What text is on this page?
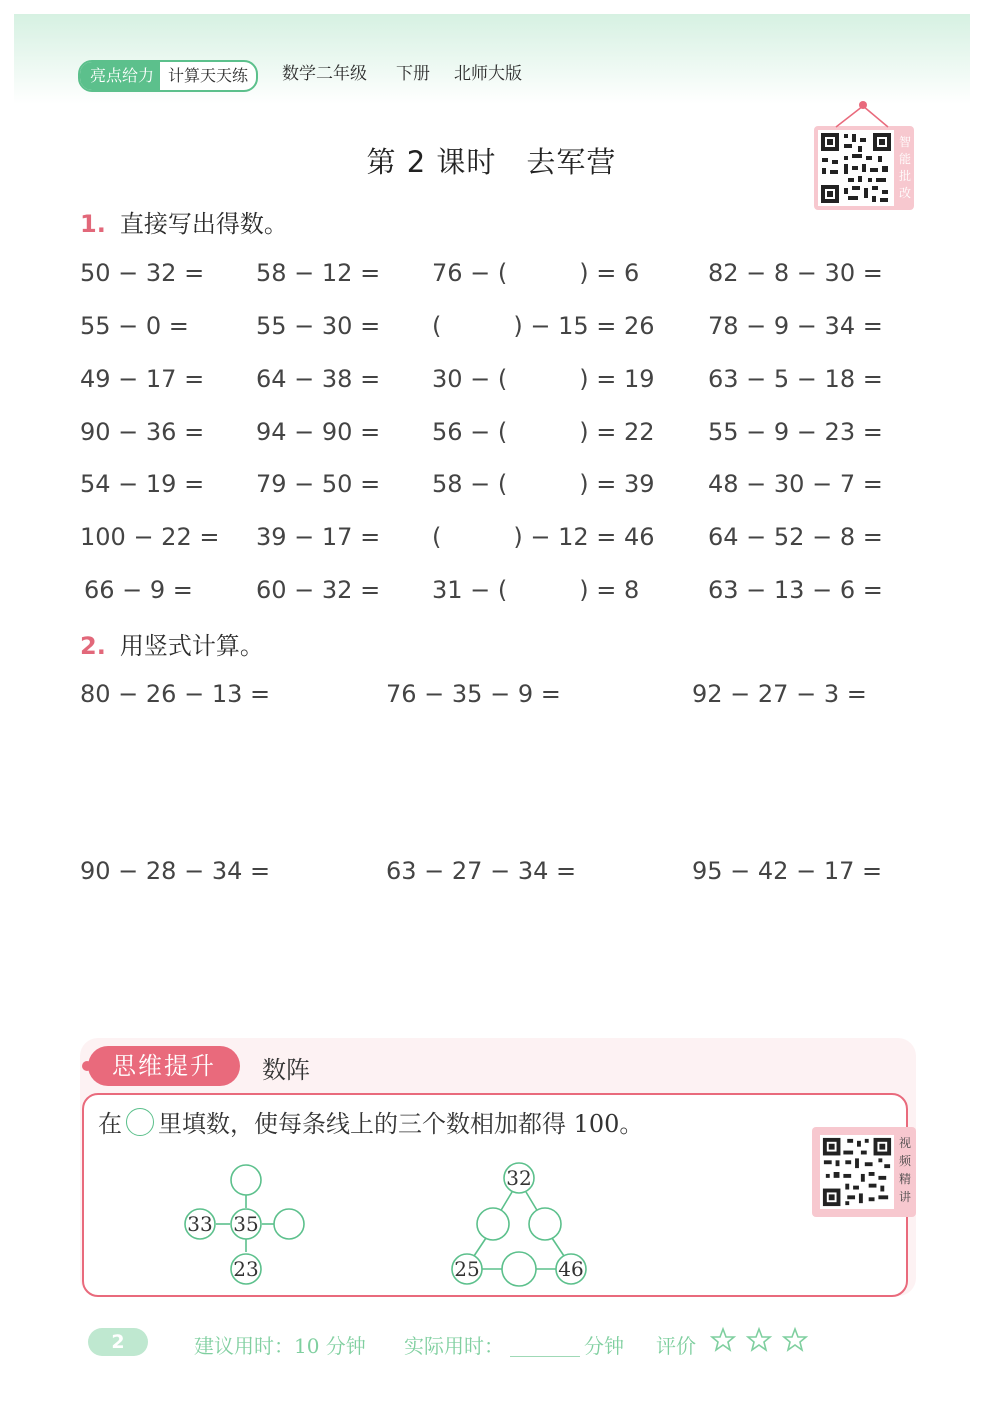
亮点给力 计算天天练	数学二年级 下册 北师大版
第 2 课时　去军营
智
能
批
改
1. 直接写出得数。
50 − 32 = 58 − 12 = 76 − (　　　) = 6	82 − 8 − 30 =
55 − 0 =	55 − 30 = (　　　) − 15 = 26 78 − 9 − 34 =
49 − 17 = 64 − 38 = 30 − (　　　) = 19 63 − 5 − 18 =
90 − 36 = 94 − 90 = 56 − (　　　) = 22 55 − 9 − 23 =
54 − 19 = 79 − 50 = 58 − (　　　) = 39 48 − 30 − 7 =
100 − 22 = 39 − 17 = (　　　) − 12 = 46 64 − 52 − 8 =
66 − 9 =	60 − 32 = 31 − (　　　) = 8	63 − 13 − 6 =
2. 用竖式计算。
80 − 26 − 13 =	76 − 35 − 9 =	92 − 27 − 3 =
90 − 28 − 34 =	63 − 27 − 34 =	95 − 42 − 17 =
思维提升	数阵
在 里填数，使每条线上的三个数相加都得 100。
视
频
精
讲
33 35
23
32
25	46
2	建议用时：10 分钟 实际用时：	分钟 评价
